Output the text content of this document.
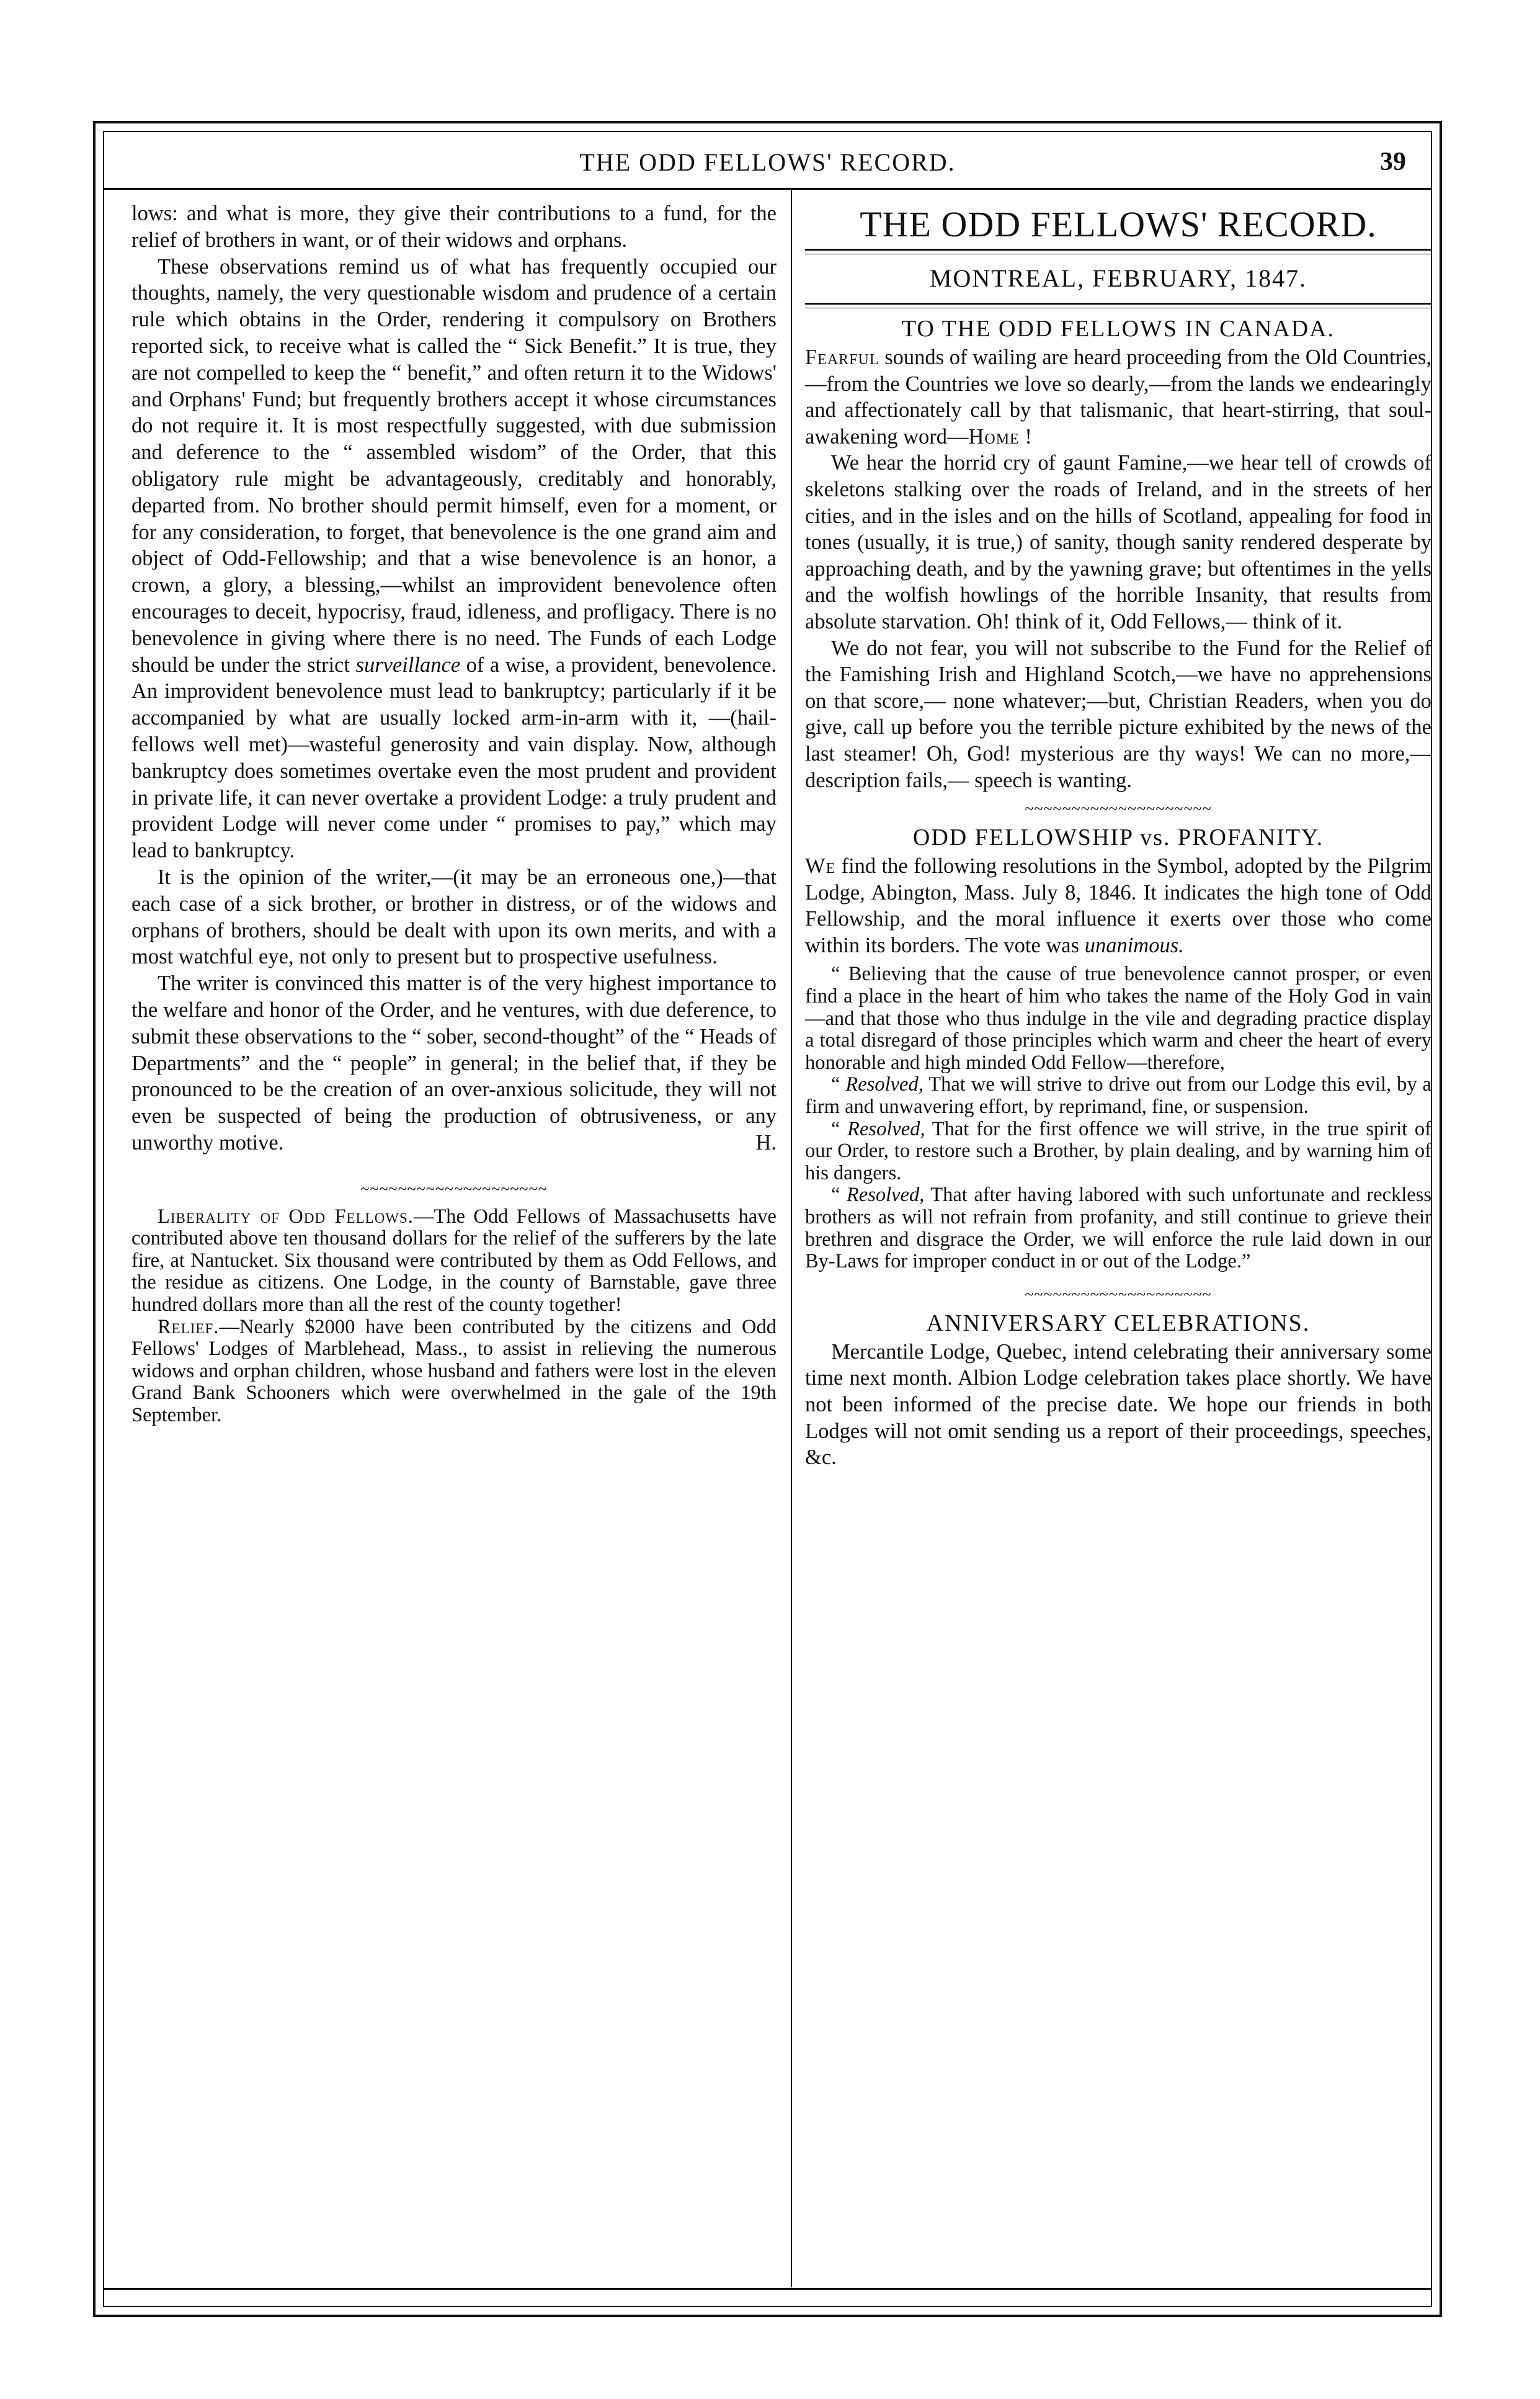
THE ODD FELLOWS' RECORD.	39

lows: and what is more, they give their contributions to a fund, for the relief of brothers in want, or of their widows and orphans.

These observations remind us of what has frequently occupied our thoughts, namely, the very questionable wisdom and prudence of a certain rule which obtains in the Order, rendering it compulsory on Brothers reported sick, to receive what is called the “ Sick Benefit.” It is true, they are not compelled to keep the “ benefit,” and often return it to the Widows' and Orphans' Fund; but frequently brothers accept it whose circumstances do not require it. It is most respectfully suggested, with due submission and deference to the “ assembled wisdom” of the Order, that this obligatory rule might be advantageously, creditably and honorably, departed from. No brother should permit himself, even for a moment, or for any consideration, to forget, that benevolence is the one grand aim and object of Odd-Fellowship; and that a wise benevolence is an honor, a crown, a glory, a blessing,—whilst an improvident benevolence often encourages to deceit, hypocrisy, fraud, idleness, and profligacy. There is no benevolence in giving where there is no need. The Funds of each Lodge should be under the strict surveillance of a wise, a provident, benevolence. An improvident benevolence must lead to bankruptcy; particularly if it be accompanied by what are usually locked arm-in-arm with it, —(hail-fellows well met)—wasteful generosity and vain display. Now, although bankruptcy does sometimes overtake even the most prudent and provident in private life, it can never overtake a provident Lodge: a truly prudent and provident Lodge will never come under “ promises to pay,” which may lead to bankruptcy.

It is the opinion of the writer,—(it may be an erroneous one,)—that each case of a sick brother, or brother in distress, or of the widows and orphans of brothers, should be dealt with upon its own merits, and with a most watchful eye, not only to present but to prospective usefulness.

The writer is convinced this matter is of the very highest importance to the welfare and honor of the Order, and he ventures, with due deference, to submit these observations to the “ sober, second-thought” of the “ Heads of Departments” and the “ people” in general; in the belief that, if they be pronounced to be the creation of an over-anxious solicitude, they will not even be suspected of being the production of obtrusiveness, or any unworthy motive.	H.

~~~~~~~~~~~~~~~~~~~~

Liberality of Odd Fellows.—The Odd Fellows of Massachusetts have contributed above ten thousand dollars for the relief of the sufferers by the late fire, at Nantucket. Six thousand were contributed by them as Odd Fellows, and the residue as citizens. One Lodge, in the county of Barnstable, gave three hundred dollars more than all the rest of the county together!

Relief.—Nearly $2000 have been contributed by the citizens and Odd Fellows' Lodges of Marblehead, Mass., to assist in relieving the numerous widows and orphan children, whose husband and fathers were lost in the eleven Grand Bank Schooners which were overwhelmed in the gale of the 19th September.

THE ODD FELLOWS' RECORD.
MONTREAL, FEBRUARY, 1847.
TO THE ODD FELLOWS IN CANADA.

Fearful sounds of wailing are heard proceeding from the Old Countries,—from the Countries we love so dearly,—from the lands we endearingly and affectionately call by that talismanic, that heart-stirring, that soul-awakening word—Home !

We hear the horrid cry of gaunt Famine,—we hear tell of crowds of skeletons stalking over the roads of Ireland, and in the streets of her cities, and in the isles and on the hills of Scotland, appealing for food in tones (usually, it is true,) of sanity, though sanity rendered desperate by approaching death, and by the yawning grave; but oftentimes in the yells and the wolfish howlings of the horrible Insanity, that results from absolute starvation. Oh! think of it, Odd Fellows,— think of it.

We do not fear, you will not subscribe to the Fund for the Relief of the Famishing Irish and Highland Scotch,—we have no apprehensions on that score,— none whatever;—but, Christian Readers, when you do give, call up before you the terrible picture exhibited by the news of the last steamer! Oh, God! mysterious are thy ways! We can no more,—description fails,— speech is wanting.

~~~~~~~~~~~~~~~~~~~~
ODD FELLOWSHIP vs. PROFANITY.

We find the following resolutions in the Symbol, adopted by the Pilgrim Lodge, Abington, Mass. July 8, 1846. It indicates the high tone of Odd Fellowship, and the moral influence it exerts over those who come within its borders. The vote was unanimous.

“ Believing that the cause of true benevolence cannot prosper, or even find a place in the heart of him who takes the name of the Holy God in vain—and that those who thus indulge in the vile and degrading practice display a total disregard of those principles which warm and cheer the heart of every honorable and high minded Odd Fellow—therefore,

“ Resolved, That we will strive to drive out from our Lodge this evil, by a firm and unwavering effort, by reprimand, fine, or suspension.

“ Resolved, That for the first offence we will strive, in the true spirit of our Order, to restore such a Brother, by plain dealing, and by warning him of his dangers.

“ Resolved, That after having labored with such unfortunate and reckless brothers as will not refrain from profanity, and still continue to grieve their brethren and disgrace the Order, we will enforce the rule laid down in our By-Laws for improper conduct in or out of the Lodge.”

~~~~~~~~~~~~~~~~~~~~
ANNIVERSARY CELEBRATIONS.

Mercantile Lodge, Quebec, intend celebrating their anniversary some time next month. Albion Lodge celebration takes place shortly. We have not been informed of the precise date. We hope our friends in both Lodges will not omit sending us a report of their proceedings, speeches, &c.
